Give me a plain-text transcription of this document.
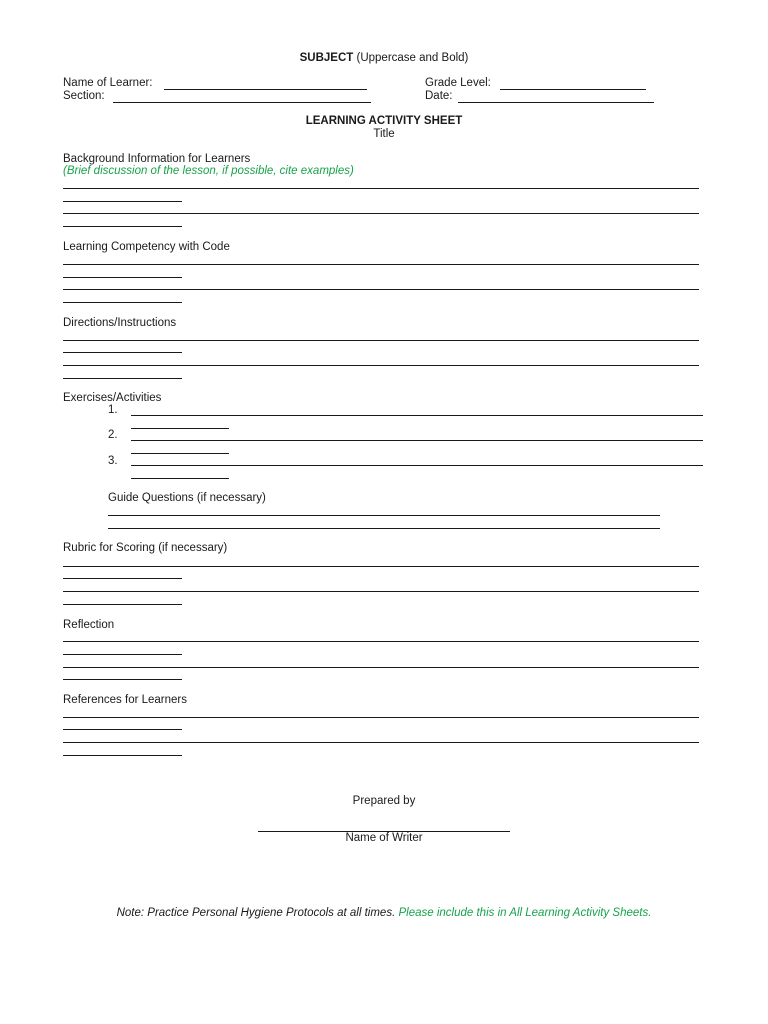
SUBJECT (Uppercase and Bold)
Name of Learner:	Grade Level:
Section:	Date:
LEARNING ACTIVITY SHEET
Title
Background Information for Learners
(Brief discussion of the lesson, if possible, cite examples)
Learning Competency with Code
Directions/Instructions
Exercises/Activities
1.
2.
3.
Guide Questions (if necessary)
Rubric for Scoring (if necessary)
Reflection
References for Learners
Prepared by
Name of Writer
Note: Practice Personal Hygiene Protocols at all times. Please include this in All Learning Activity Sheets.
